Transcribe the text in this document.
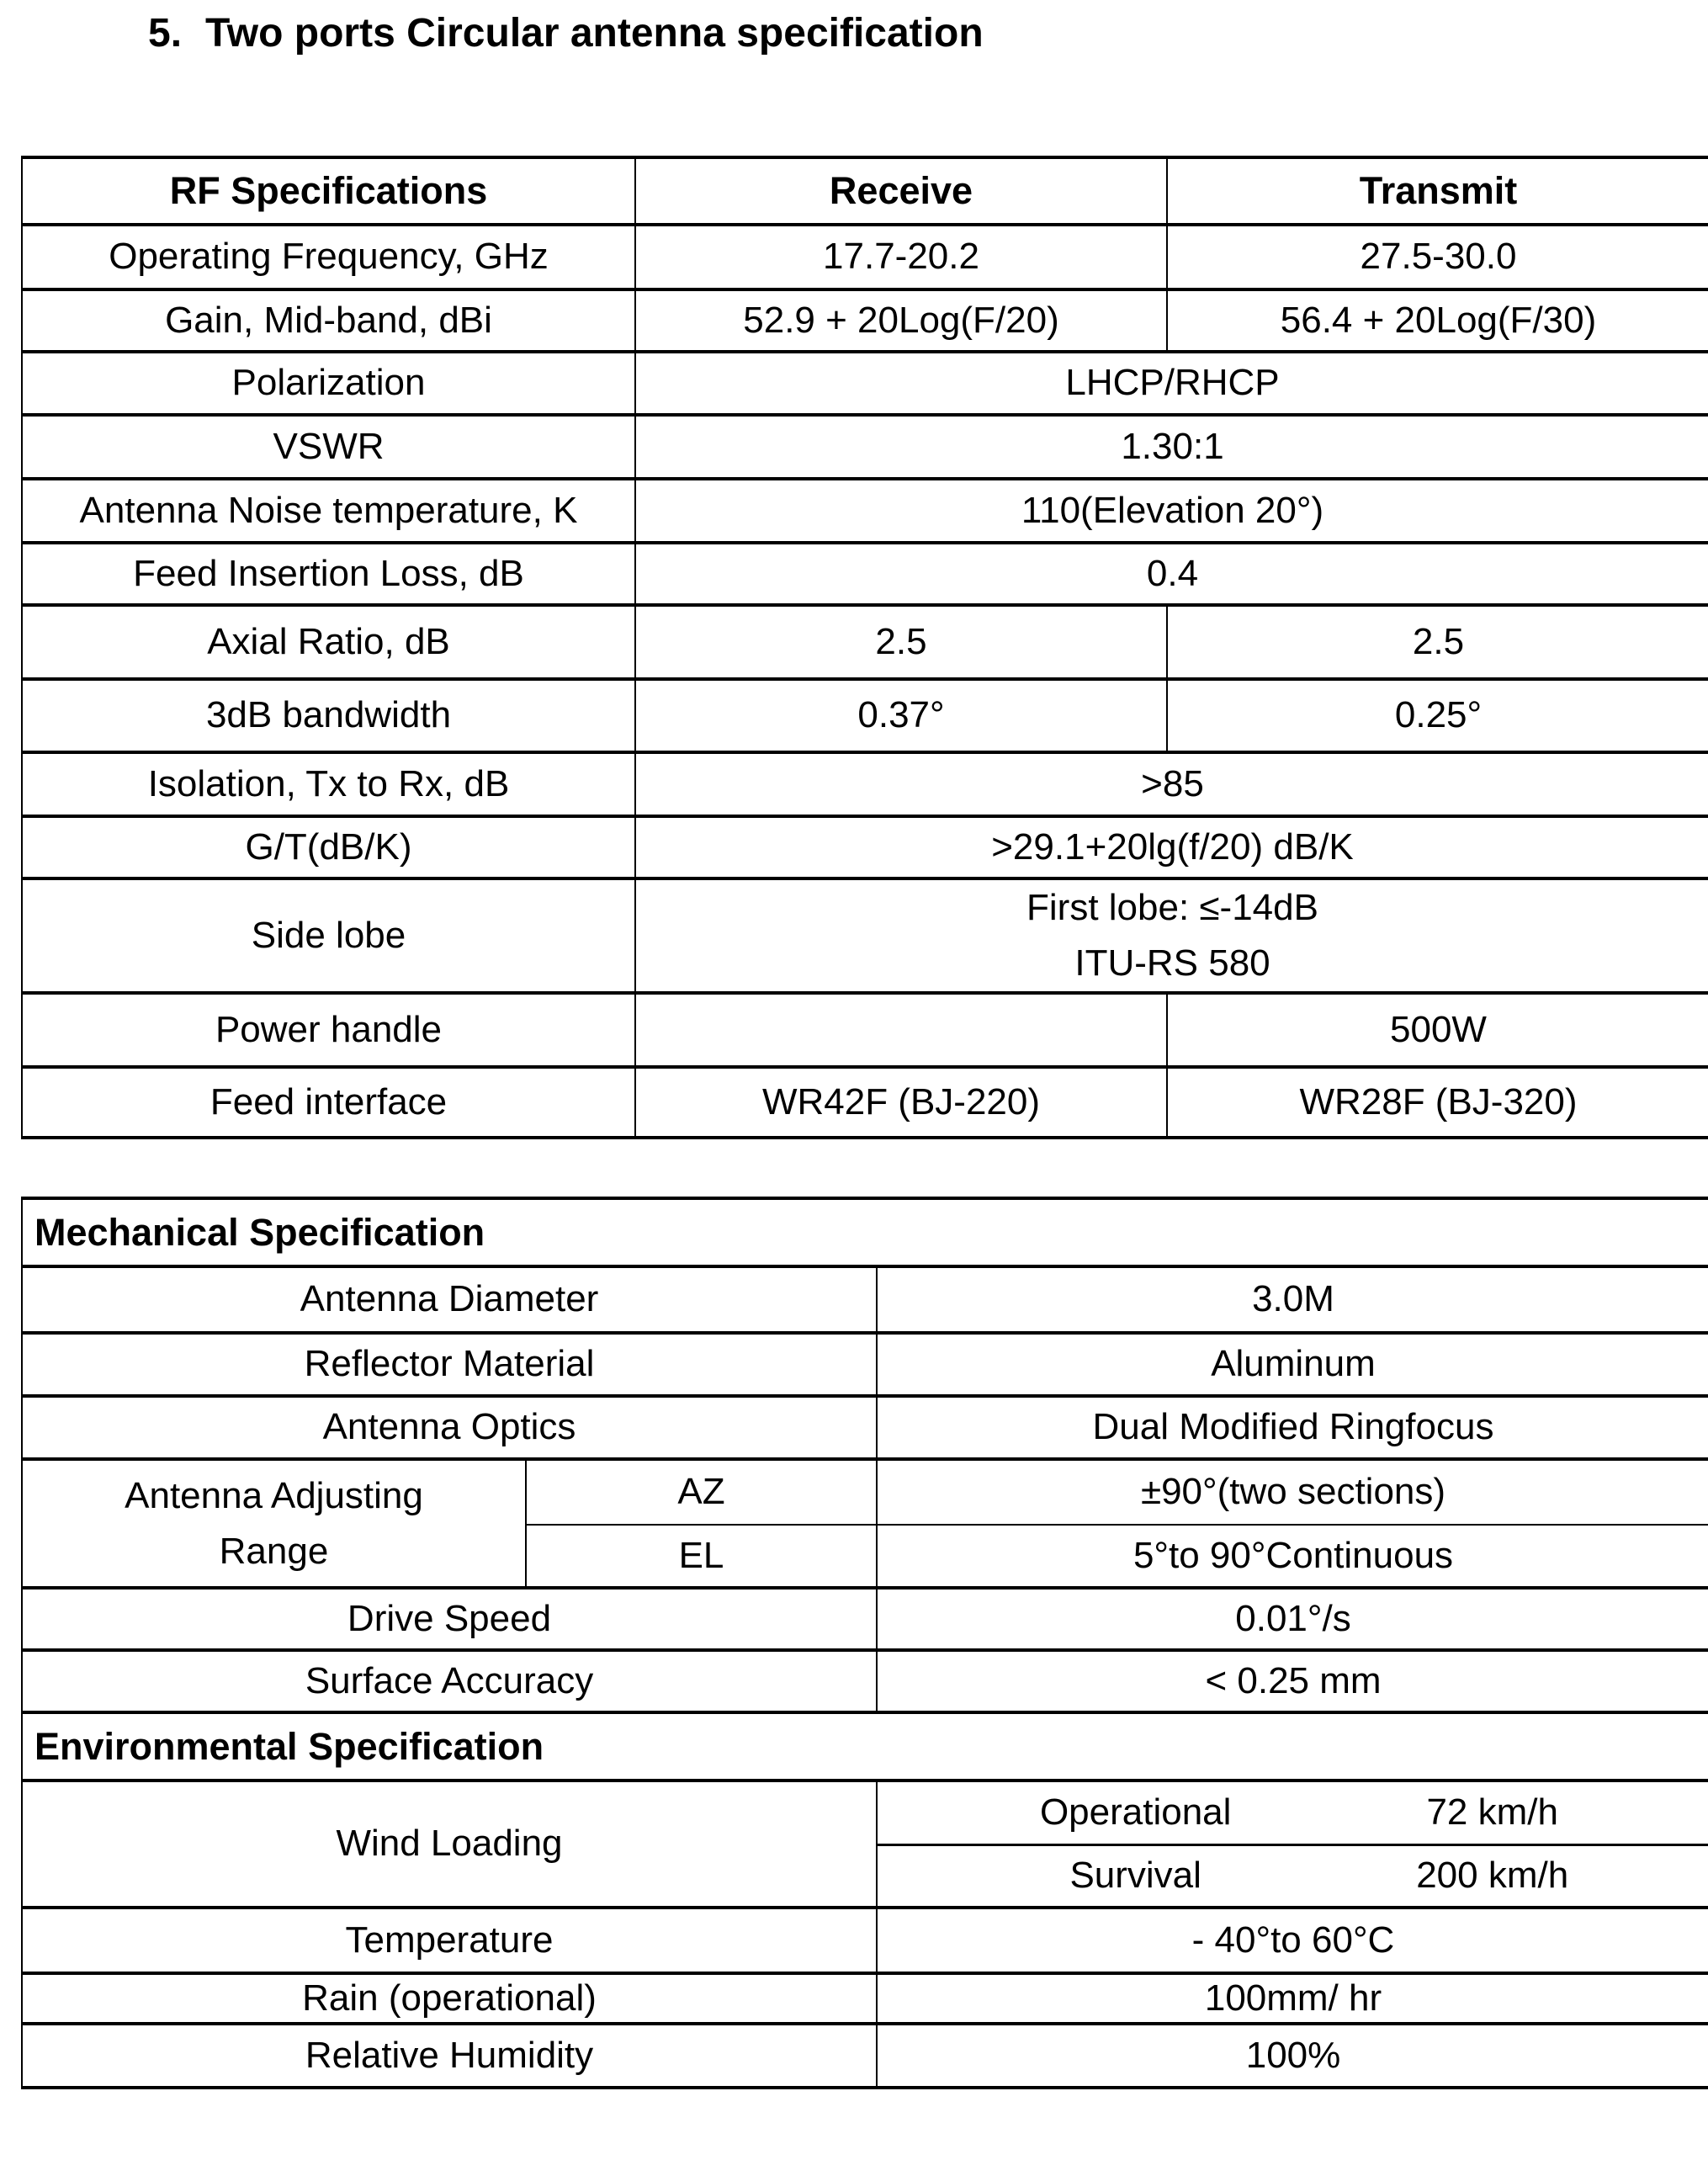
5. Two ports Circular antenna specification
RF Specifications	Receive	Transmit
Operating Frequency, GHz	17.7-20.2	27.5-30.0
Gain, Mid-band, dBi	52.9 + 20Log(F/20)	56.4 + 20Log(F/30)
Polarization	LHCP/RHCP	
VSWR	1.30:1	
Antenna Noise temperature, K	110(Elevation 20°)	
Feed Insertion Loss, dB	0.4	
Axial Ratio, dB	2.5	2.5
3dB bandwidth	0.37°	0.25°
Isolation, Tx to Rx, dB	>85	
G/T(dB/K)	>29.1+20lg(f/20) dB/K	
Side lobe	First lobe: ≤-14dB
ITU-RS 580	

Power handle		500W
Feed interface	WR42F (BJ-220)	WR28F (BJ-320)
Mechanical Specification		
Antenna Diameter		3.0M
Reflector Material		Aluminum
Antenna Optics		Dual Modified Ringfocus

Antenna Adjusting
Range	AZ	±90°(two sections)
	EL	5°to 90°Continuous
Drive Speed		0.01°/s
Surface Accuracy		< 0.25 mm
Environmental Specification		
Wind Loading		Operational 72 km/h

		Survival 200 km/h

Temperature		- 40°to 60°C
Rain (operational)		100mm/ hr
Relative Humidity		100%
